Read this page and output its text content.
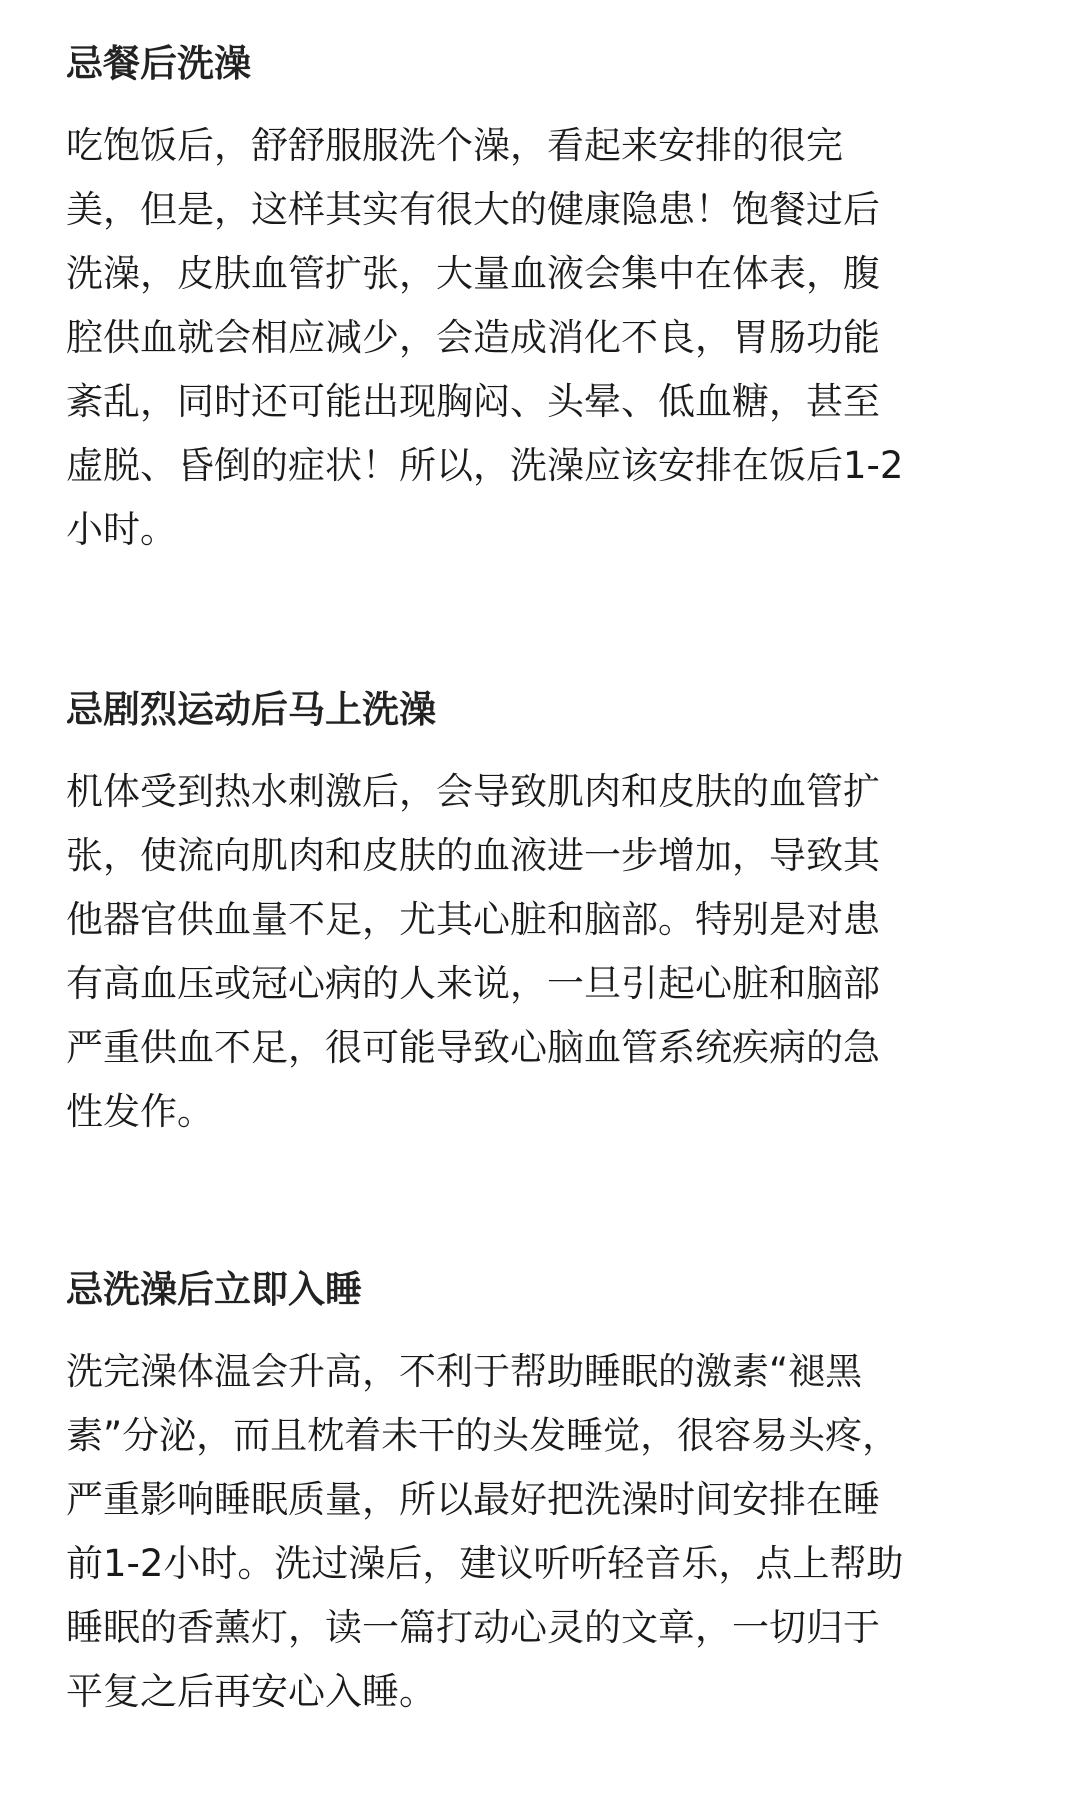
忌餐后洗澡
吃饱饭后，舒舒服服洗个澡，看起来安排的很完
美，但是，这样其实有很大的健康隐患！饱餐过后
洗澡，皮肤血管扩张，大量血液会集中在体表，腹
腔供血就会相应减少，会造成消化不良，胃肠功能
紊乱，同时还可能出现胸闷、头晕、低血糖，甚至
虚脱、昏倒的症状！所以，洗澡应该安排在饭后1-2
小时。
忌剧烈运动后马上洗澡
机体受到热水刺激后，会导致肌肉和皮肤的血管扩
张，使流向肌肉和皮肤的血液进一步增加，导致其
他器官供血量不足，尤其心脏和脑部。特别是对患
有高血压或冠心病的人来说，一旦引起心脏和脑部
严重供血不足，很可能导致心脑血管系统疾病的急
性发作。
忌洗澡后立即入睡
洗完澡体温会升高，不利于帮助睡眠的激素“褪黑
素”分泌，而且枕着未干的头发睡觉，很容易头疼，
严重影响睡眠质量，所以最好把洗澡时间安排在睡
前1-2小时。洗过澡后，建议听听轻音乐，点上帮助
睡眠的香薰灯，读一篇打动心灵的文章，一切归于
平复之后再安心入睡。
